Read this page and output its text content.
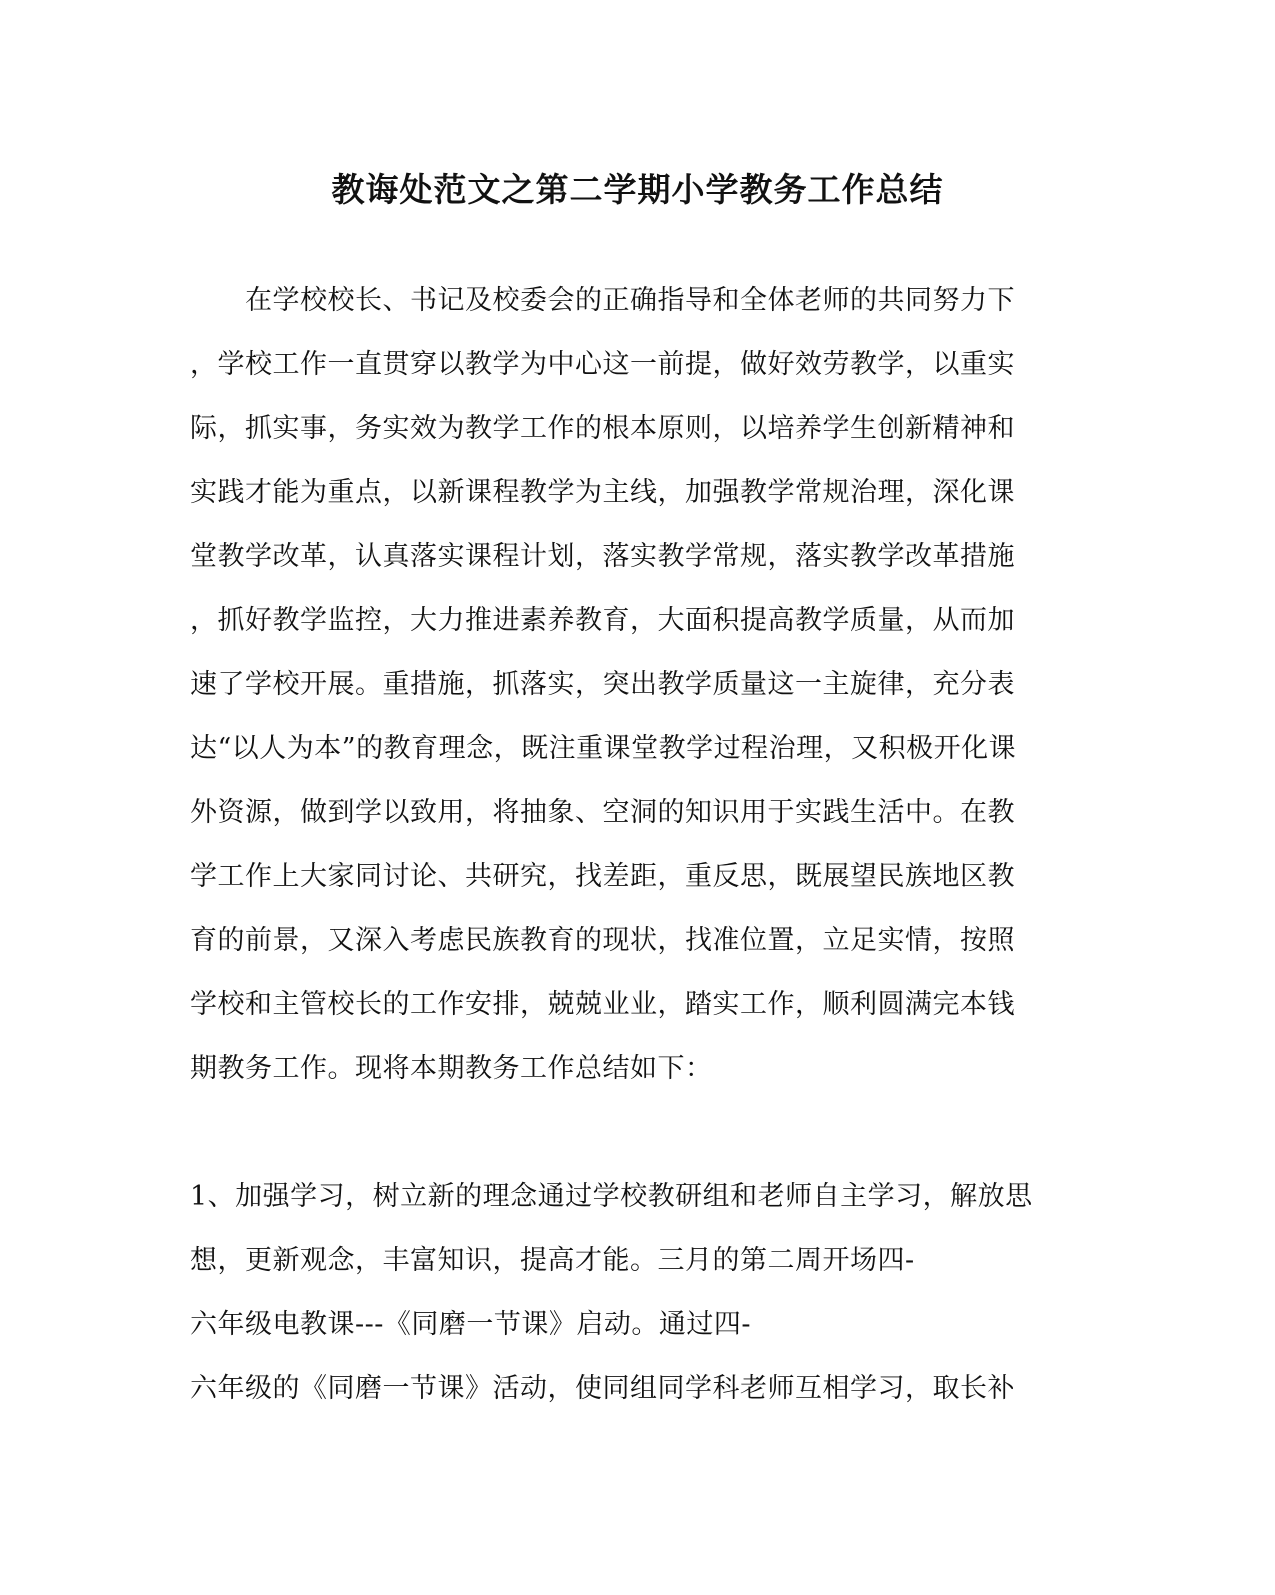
教诲处范文之第二学期小学教务工作总结
在学校校长、书记及校委会的正确指导和全体老师的共同努力下
，学校工作一直贯穿以教学为中心这一前提，做好效劳教学，以重实
际，抓实事，务实效为教学工作的根本原则，以培养学生创新精神和
实践才能为重点，以新课程教学为主线，加强教学常规治理，深化课
堂教学改革，认真落实课程计划，落实教学常规，落实教学改革措施
，抓好教学监控，大力推进素养教育，大面积提高教学质量，从而加
速了学校开展。重措施，抓落实，突出教学质量这一主旋律，充分表
达“以人为本”的教育理念，既注重课堂教学过程治理，又积极开化课
外资源，做到学以致用，将抽象、空洞的知识用于实践生活中。在教
学工作上大家同讨论、共研究，找差距，重反思，既展望民族地区教
育的前景，又深入考虑民族教育的现状，找准位置，立足实情，按照
学校和主管校长的工作安排，兢兢业业，踏实工作，顺利圆满完本钱
期教务工作。现将本期教务工作总结如下：
1、加强学习，树立新的理念通过学校教研组和老师自主学习，解放思
想，更新观念，丰富知识，提高才能。三月的第二周开场四-
六年级电教课---《同磨一节课》启动。通过四-
六年级的《同磨一节课》活动，使同组同学科老师互相学习，取长补
